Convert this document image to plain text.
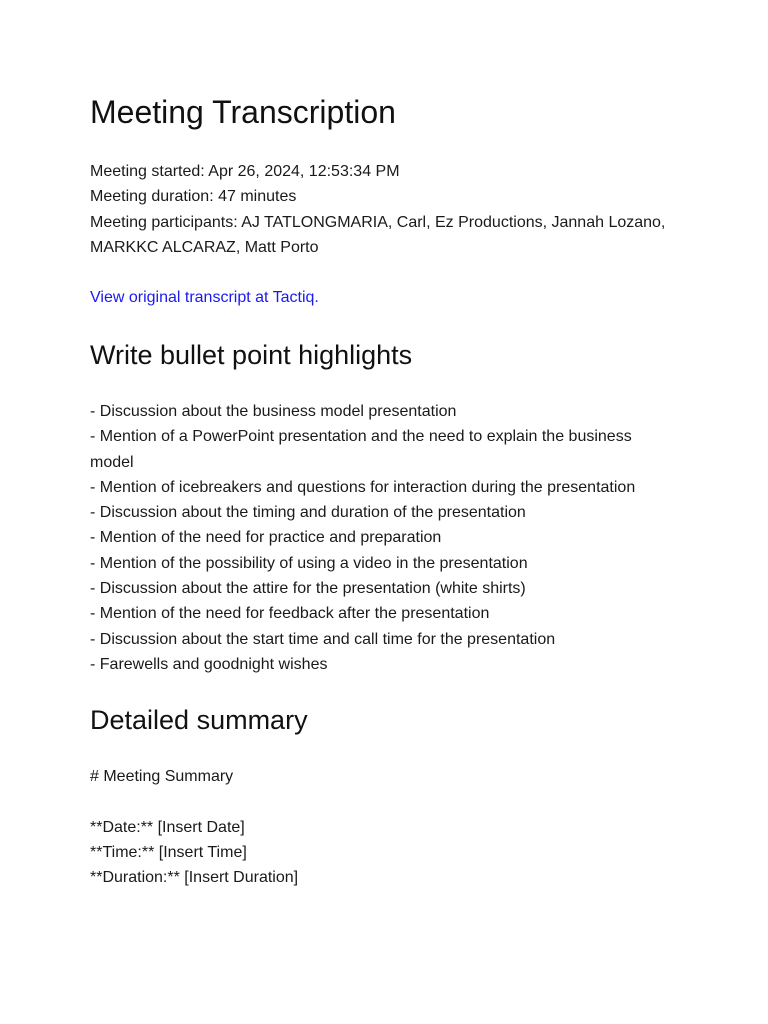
Meeting Transcription
Meeting started: Apr 26, 2024, 12:53:34 PM
Meeting duration: 47 minutes
Meeting participants: AJ TATLONGMARIA, Carl, Ez Productions, Jannah Lozano, MARKKC ALCARAZ, Matt Porto
View original transcript at Tactiq.
Write bullet point highlights
- Discussion about the business model presentation
- Mention of a PowerPoint presentation and the need to explain the business model
- Mention of icebreakers and questions for interaction during the presentation
- Discussion about the timing and duration of the presentation
- Mention of the need for practice and preparation
- Mention of the possibility of using a video in the presentation
- Discussion about the attire for the presentation (white shirts)
- Mention of the need for feedback after the presentation
- Discussion about the start time and call time for the presentation
- Farewells and goodnight wishes
Detailed summary
# Meeting Summary
**Date:** [Insert Date]
**Time:** [Insert Time]
**Duration:** [Insert Duration]
